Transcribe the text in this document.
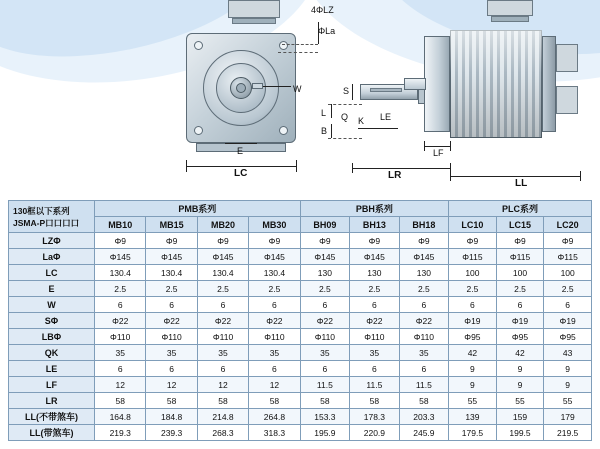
4ΦLZ
ΦLa
W
E
LC
S
L
B
Q K LE
LF
LR
LL
130框以下系列
JSMA-P口口口口	PMB系列				PBH系列			PLC系列		
	MB10	MB15	MB20	MB30	BH09	BH13	BH18	LC10	LC15	LC20
LZΦ	Φ9	Φ9	Φ9	Φ9	Φ9	Φ9	Φ9	Φ9	Φ9	Φ9
LaΦ	Φ145	Φ145	Φ145	Φ145	Φ145	Φ145	Φ145	Φ115	Φ115	Φ115
LC	130.4	130.4	130.4	130.4	130	130	130	100	100	100
E	2.5	2.5	2.5	2.5	2.5	2.5	2.5	2.5	2.5	2.5
W	6	6	6	6	6	6	6	6	6	6
SΦ	Φ22	Φ22	Φ22	Φ22	Φ22	Φ22	Φ22	Φ19	Φ19	Φ19
LBΦ	Φ110	Φ110	Φ110	Φ110	Φ110	Φ110	Φ110	Φ95	Φ95	Φ95
QK	35	35	35	35	35	35	35	42	42	43
LE	6	6	6	6	6	6	6	9	9	9
LF	12	12	12	12	11.5	11.5	11.5	9	9	9
LR	58	58	58	58	58	58	58	55	55	55
LL(不带煞车)	164.8	184.8	214.8	264.8	153.3	178.3	203.3	139	159	179
LL(带煞车)	219.3	239.3	268.3	318.3	195.9	220.9	245.9	179.5	199.5	219.5
